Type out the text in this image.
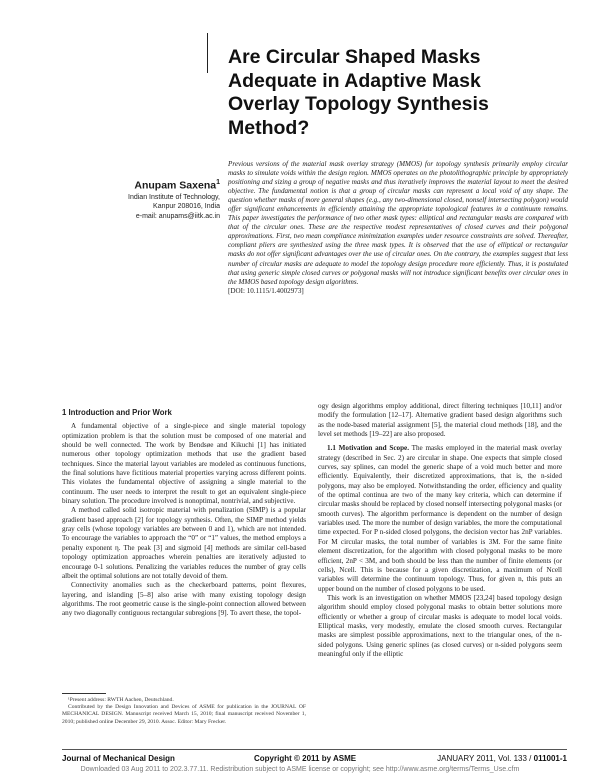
Are Circular Shaped Masks Adequate in Adaptive Mask Overlay Topology Synthesis Method?
Anupam Saxena$^1$
Indian Institute of Technology,
Kanpur 208016, India
e-mail: anupams@iitk.ac.in
Previous versions of the material mask overlay strategy (MMOS) for topology synthesis primarily employ circular masks to simulate voids within the design region. MMOS operates on the photolithographic principle by appropriately positioning and sizing a group of negative masks and thus iteratively improves the material layout to meet the desired objective. The fundamental notion is that a group of circular masks can represent a local void of any shape. The question whether masks of more general shapes (e.g., any two-dimensional closed, nonself intersecting polygon) would offer significant enhancements in efficiently attaining the appropriate topological features in a continuum remains. This paper investigates the performance of two other mask types: elliptical and rectangular masks are compared with that of the circular ones. These are the respective modest representatives of closed curves and their polygonal approximations. First, two mean compliance minimization examples under resource constraints are solved. Thereafter, compliant pliers are synthesized using the three mask types. It is observed that the use of elliptical or rectangular masks do not offer significant advantages over the use of circular ones. On the contrary, the examples suggest that less number of circular masks are adequate to model the topology design procedure more efficiently. Thus, it is postulated that using generic simple closed curves or polygonal masks will not introduce significant benefits over circular ones in the MMOS based topology design algorithms.
[DOI: 10.1115/1.4002973]
1 Introduction and Prior Work

A fundamental objective of a single-piece and single material topology optimization problem is that the solution must be composed of one material and should be well connected. The work by Bendsøe and Kikuchi [1] has initiated numerous other topology optimization methods that use the gradient based techniques. Since the material layout variables are modeled as continuous functions, the final solutions have fictitious material properties varying across different points. This violates the fundamental objective of assigning a single material to the continuum. The user needs to interpret the result to get an equivalent single-piece binary solution. The procedure involved is nonoptimal, nontrivial, and subjective.

A method called solid isotropic material with penalization (SIMP) is a popular gradient based approach [2] for topology synthesis. Often, the SIMP method yields gray cells (whose topology variables are between 0 and 1), which are not intended. To encourage the variables to approach the “0” or “1” values, the method employs a penalty exponent η. The peak [3] and sigmoid [4] methods are similar cell-based topology optimization approaches wherein penalties are iteratively adjusted to encourage 0-1 solutions. Penalizing the variables reduces the number of gray cells albeit the optimal solutions are not totally devoid of them.

Connectivity anomalies such as the checkerboard patterns, point flexures, layering, and islanding [5–8] also arise with many existing topology design algorithms. The root geometric cause is the single-point connection allowed between any two diagonally contiguous rectangular subregions [9]. To avert these, the topol-

¹Present address: RWTH Aachen, Deutschland.

Contributed by the Design Innovation and Devices of ASME for publication in the JOURNAL OF MECHANICAL DESIGN. Manuscript received March 15, 2010; final manuscript received November 1, 2010; published online December 29, 2010. Assoc. Editor: Mary Frecker.

ogy design algorithms employ additional, direct filtering techniques [10,11] and/or modify the formulation [12–17]. Alternative gradient based design algorithms such as the node-based material assignment [5], the material cloud methods [18], and the level set methods [19–22] are also proposed.

1.1 Motivation and Scope. The masks employed in the material mask overlay strategy (described in Sec. 2) are circular in shape. One expects that simple closed curves, say splines, can model the generic shape of a void much better and more efficiently. Equivalently, their discretized approximations, that is, the n-sided polygons, may also be employed. Notwithstanding the order, efficiency and quality of the optimal continua are two of the many key criteria, which can determine if circular masks should be replaced by closed nonself intersecting polygonal masks (or smooth curves). The algorithm performance is dependent on the number of design variables used. The more the number of design variables, the more the computational time expected. For P n-sided closed polygons, the decision vector has 2nP variables. For M circular masks, the total number of variables is 3M. For the same finite element discretization, for the algorithm with closed polygonal masks to be more efficient, 2nP < 3M, and both should be less than the number of finite elements (or cells), Ncell. This is because for a given discretization, a maximum of Ncell variables will determine the continuum topology. Thus, for given n, this puts an upper bound on the number of closed polygons to be used.

This work is an investigation on whether MMOS [23,24] based topology design algorithm should employ closed polygonal masks to obtain better solutions more efficiently or whether a group of circular masks is adequate to model local voids. Elliptical masks, very modestly, emulate the closed smooth curves. Rectangular masks are simplest possible approximations, next to the triangular ones, of the n-sided polygons. Using generic splines (as closed curves) or n-sided polygons seem meaningful only if the elliptic

Journal of Mechanical Design	Copyright © 2011 by ASME	JANUARY 2011, Vol. 133 / 011001-1
Downloaded 03 Aug 2011 to 202.3.77.11. Redistribution subject to ASME license or copyright; see http://www.asme.org/terms/Terms_Use.cfm
